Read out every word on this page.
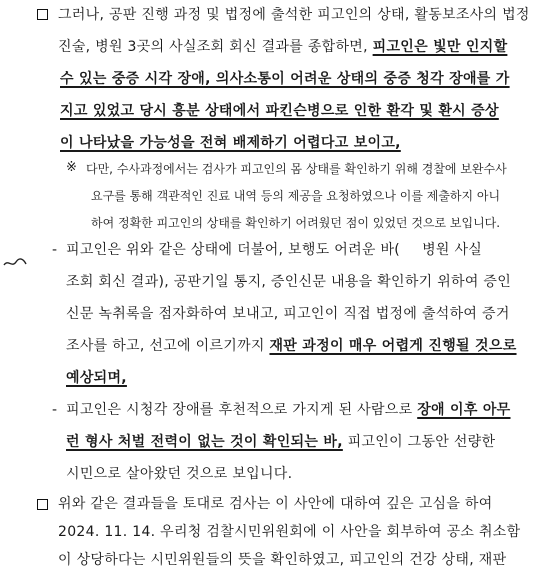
그러나, 공판 진행 과정 및 법정에 출석한 피고인의 상태, 활동보조사의 법정
진술, 병원 3곳의 사실조회 회신 결과를 종합하면, 피고인은 빛만 인지할
수 있는 중증 시각 장애, 의사소통이 어려운 상태의 중증 청각 장애를 가
지고 있었고 당시 흥분 상태에서 파킨슨병으로 인한 환각 및 환시 증상
이 나타났을 가능성을 전혀 배제하기 어렵다고 보이고,
※ 다만, 수사과정에서는 검사가 피고인의 몸 상태를 확인하기 위해 경찰에 보완수사
요구를 통해 객관적인 진료 내역 등의 제공을 요청하였으나 이를 제출하지 아니
하여 정확한 피고인의 상태를 확인하기 어려웠던 점이 있었던 것으로 보입니다.
- 피고인은 위와 같은 상태에 더불어, 보행도 어려운 바( 병원 사실
조회 회신 결과), 공판기일 통지, 증인신문 내용을 확인하기 위하여 증인
신문 녹취록을 점자화하여 보내고, 피고인이 직접 법정에 출석하여 증거
조사를 하고, 선고에 이르기까지 재판 과정이 매우 어렵게 진행될 것으로
예상되며,
- 피고인은 시청각 장애를 후천적으로 가지게 된 사람으로 장애 이후 아무
런 형사 처벌 전력이 없는 것이 확인되는 바, 피고인이 그동안 선량한
시민으로 살아왔던 것으로 보입니다.
위와 같은 결과들을 토대로 검사는 이 사안에 대하여 깊은 고심을 하여
2024. 11. 14. 우리청 검찰시민위원회에 이 사안을 회부하여 공소 취소함
이 상당하다는 시민위원들의 뜻을 확인하였고, 피고인의 건강 상태, 재판
